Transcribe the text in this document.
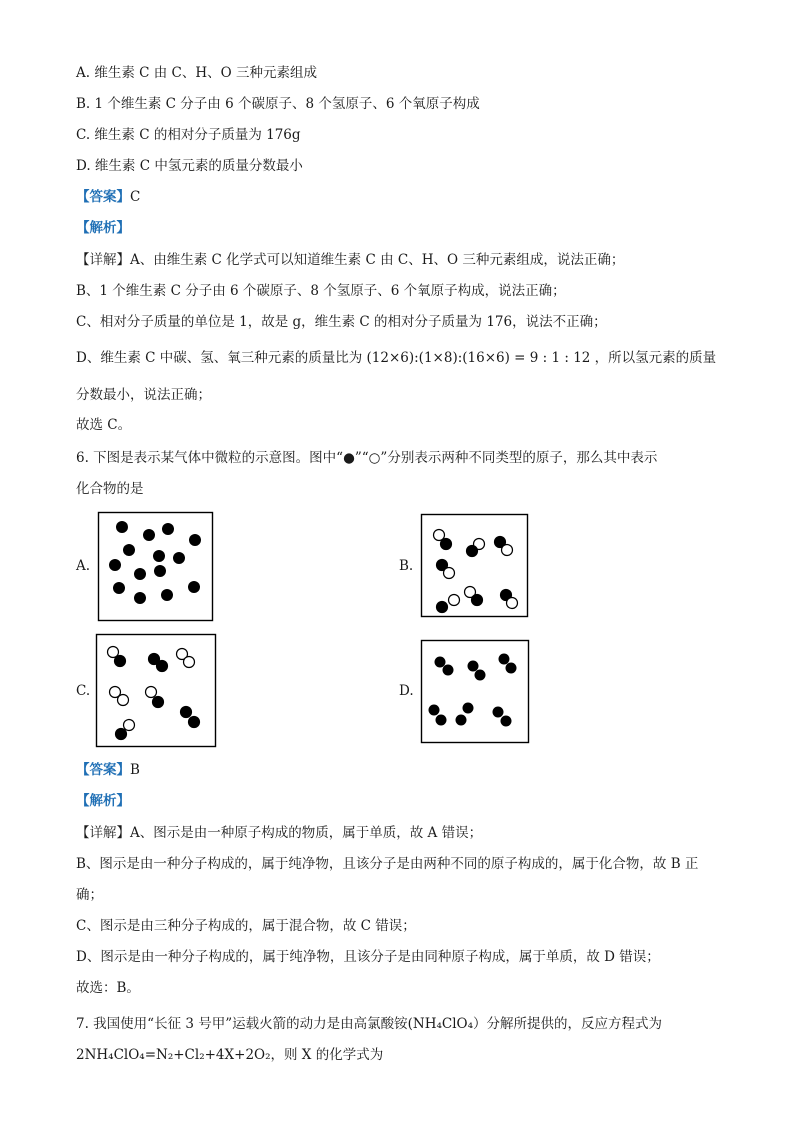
A. 维生素 C 由 C、H、O 三种元素组成
B. 1 个维生素 C 分子由 6 个碳原子、8 个氢原子、6 个氧原子构成
C. 维生素 C 的相对分子质量为 176g
D. 维生素 C 中氢元素的质量分数最小
【答案】C
【解析】
【详解】A、由维生素 C 化学式可以知道维生素 C 由 C、H、O 三种元素组成，说法正确；
B、1 个维生素 C 分子由 6 个碳原子、8 个氢原子、6 个氧原子构成，说法正确；
C、相对分子质量的单位是 1，故是 g，维生素 C 的相对分子质量为 176，说法不正确；
D、维生素 C 中碳、氢、氧三种元素的质量比为 (12×6):(1×8):(16×6) = 9 : 1 : 12 ，所以氢元素的质量
分数最小，说法正确；
故选 C。
6. 下图是表示某气体中微粒的示意图。图中“●”“○”分别表示两种不同类型的原子，那么其中表示
化合物的是
A.	B.
C.	D.
【答案】B
【解析】
【详解】A、图示是由一种原子构成的物质，属于单质，故 A 错误；
B、图示是由一种分子构成的，属于纯净物，且该分子是由两种不同的原子构成的，属于化合物，故 B 正
确；
C、图示是由三种分子构成的，属于混合物，故 C 错误；
D、图示是由一种分子构成的，属于纯净物，且该分子是由同种原子构成，属于单质，故 D 错误；
故选：B。
7. 我国使用“长征 3 号甲”运载火箭的动力是由高氯酸铵(NH₄ClO₄）分解所提供的，反应方程式为
2NH₄ClO₄=N₂+Cl₂+4X+2O₂，则 X 的化学式为
